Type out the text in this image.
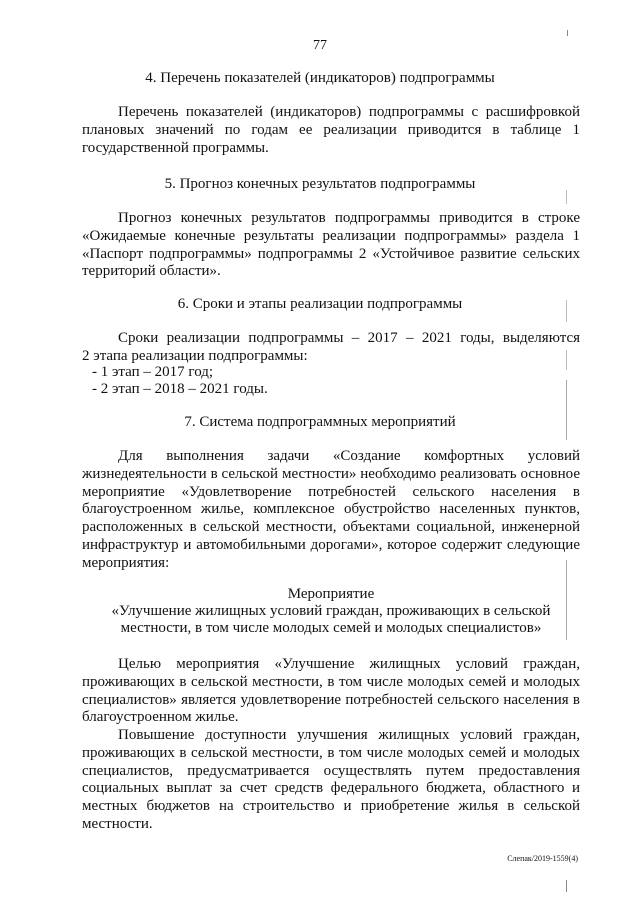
77
4. Перечень показателей (индикаторов) подпрограммы

Перечень показателей (индикаторов) подпрограммы с расшифровкой
плановых значений по годам ее реализации приводится в таблице 1
государственной программы.

5. Прогноз конечных результатов подпрограммы

Прогноз конечных результатов подпрограммы приводится в строке
«Ожидаемые конечные результаты реализации подпрограммы» раздела 1
«Паспорт подпрограммы» подпрограммы 2 «Устойчивое развитие сельских
территорий области».

6. Сроки и этапы реализации подпрограммы

Сроки реализации подпрограммы – 2017 – 2021 годы, выделяются
2 этапа реализации подпрограммы:

- 1 этап – 2017 год;
- 2 этап – 2018 – 2021 годы.
7. Система подпрограммных мероприятий

Для выполнения задачи «Создание комфортных условий
жизнедеятельности в сельской местности» необходимо реализовать основное
мероприятие «Удовлетворение потребностей сельского населения в
благоустроенном жилье, комплексное обустройство населенных пунктов,
расположенных в сельской местности, объектами социальной, инженерной
инфраструктур и автомобильными дорогами», которое содержит следующие
мероприятия:

Мероприятие
«Улучшение жилищных условий граждан, проживающих в сельской
местности, в том числе молодых семей и молодых специалистов»

Целью мероприятия «Улучшение жилищных условий граждан,
проживающих в сельской местности, в том числе молодых семей и молодых
специалистов» является удовлетворение потребностей сельского населения в
благоустроенном жилье.

Повышение доступности улучшения жилищных условий граждан,
проживающих в сельской местности, в том числе молодых семей и молодых
специалистов, предусматривается осуществлять путем предоставления
социальных выплат за счет средств федерального бюджета, областного и
местных бюджетов на строительство и приобретение жилья в сельской
местности.

Слепак/2019-1559(4)
